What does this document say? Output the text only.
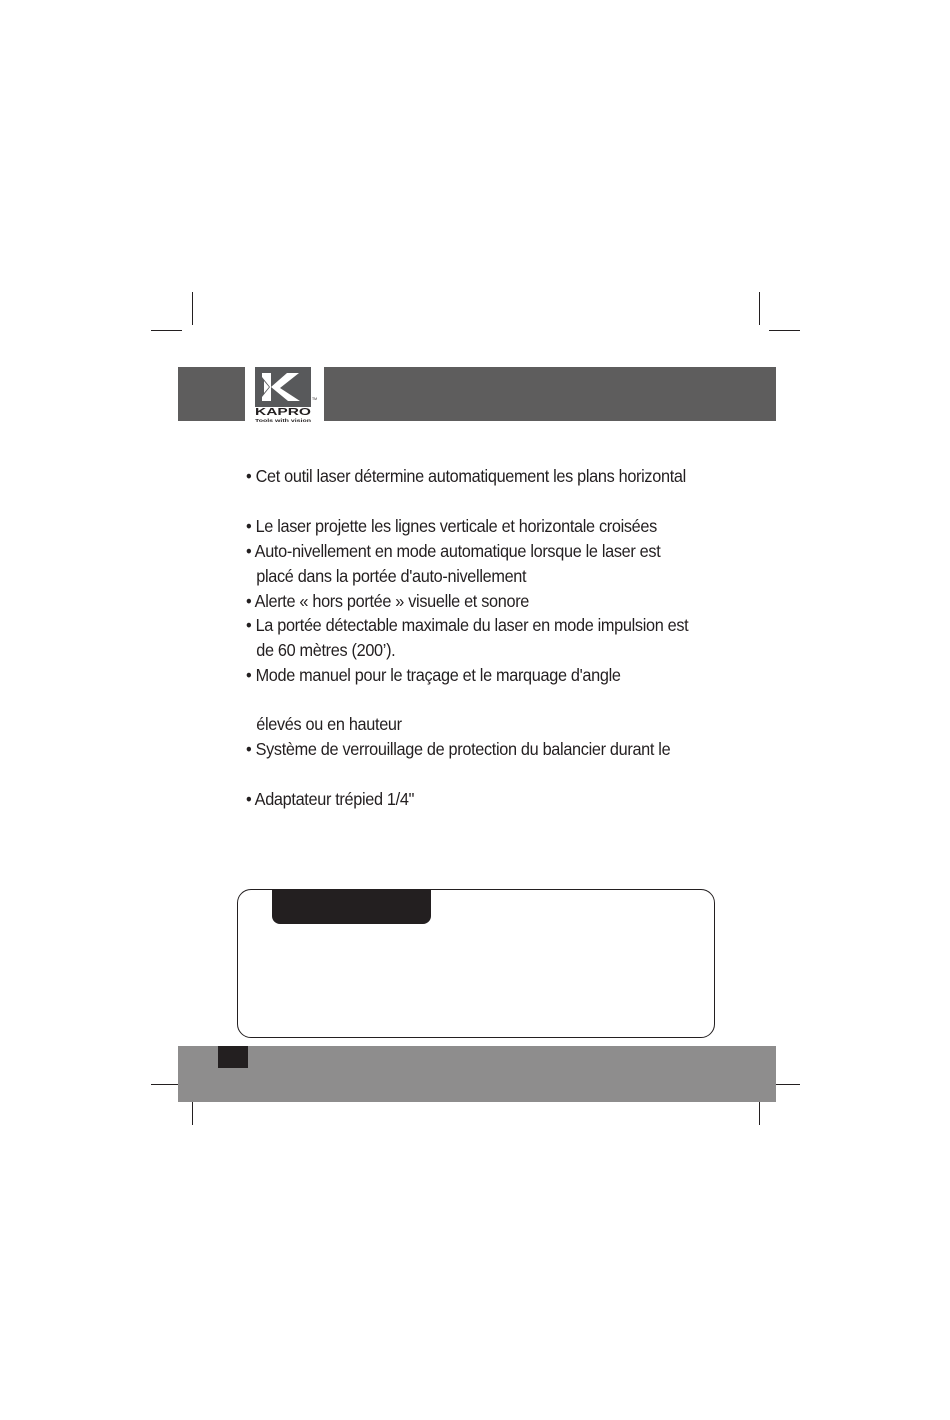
TM
KAPRO
Tools with vision
• Cet outil laser détermine automatiquement les plans horizontal
• Le laser projette les lignes verticale et horizontale croisées
• Auto-nivellement en mode automatique lorsque le laser est
placé dans la portée d'auto-nivellement
• Alerte « hors portée » visuelle et sonore
• La portée détectable maximale du laser en mode impulsion est
de 60 mètres (200’).
• Mode manuel pour le traçage et le marquage d'angle
élevés ou en hauteur
• Système de verrouillage de protection du balancier durant le
• Adaptateur trépied 1/4"
